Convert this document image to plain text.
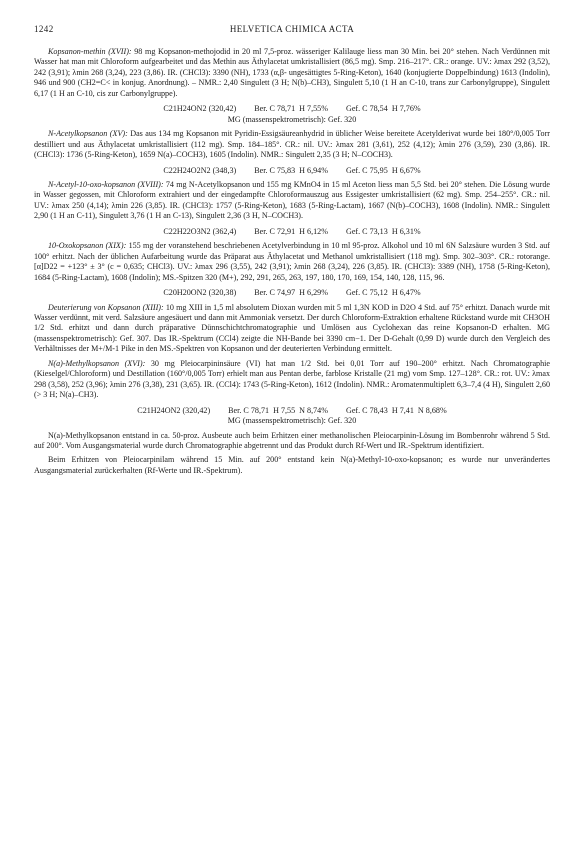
1242	HELVETICA CHIMICA ACTA

Kopsanon-methin (XVII): 98 mg Kopsanon-methojodid in 20 ml 7,5-proz. wässeriger Kalilauge liess man 30 Min. bei 20° stehen. Nach Verdünnen mit Wasser hat man mit Chloroform aufgearbeitet und das Methin aus Äthylacetat umkristallisiert (86,5 mg). Smp. 216–217°. CR.: orange. UV.: λmax 292 (3,52), 242 (3,91); λmin 268 (3,24), 223 (3,86). IR. (CHCl3): 3390 (NH), 1733 (α,β- ungesättigtes 5-Ring-Keton), 1640 (konjugierte Doppelbindung) 1613 (Indolin), 946 und 900 (CH2=C< in konjug. Anordnung). – NMR.: 2,40 Singulett (3 H; N(b)–CH3), Singulett 5,10 (1 H an C-10, trans zur Carbonylgruppe), Singulett 6,17 (1 H an C-10, cis zur Carbonylgruppe).

C21H24ON2 (320,42) Ber. C 78,71  H 7,55% Gef. C 78,54  H 7,76%
MG (massenspektrometrisch): Gef. 320

N-Acetylkopsanon (XV): Das aus 134 mg Kopsanon mit Pyridin-Essigsäureanhydrid in üblicher Weise bereitete Acetylderivat wurde bei 180°/0,005 Torr destilliert und aus Äthylacetat umkristallisiert (112 mg). Smp. 184–185°. CR.: nil. UV.: λmax 281 (3,61), 252 (4,12); λmin 276 (3,59), 230 (3,86). IR. (CHCl3): 1736 (5-Ring-Keton), 1659 N(a)–COCH3), 1605 (Indolin). NMR.: Singulett 2,35 (3 H; N–COCH3).

C22H24O2N2 (348,3) Ber. C 75,83  H 6,94% Gef. C 75,95  H 6,67%

N-Acetyl-10-oxo-kopsanon (XVIII): 74 mg N-Acetylkopsanon und 155 mg KMnO4 in 15 ml Aceton liess man 5,5 Std. bei 20° stehen. Die Lösung wurde in Wasser gegossen, mit Chloroform extrahiert und der eingedampfte Chloroformauszug aus Essigester umkristallisiert (62 mg). Smp. 254–255°. CR.: nil. UV.: λmax 250 (4,14); λmin 226 (3,85). IR. (CHCl3): 1757 (5-Ring-Keton), 1683 (5-Ring-Lactam), 1667 (N(b)–COCH3), 1608 (Indolin). NMR.: Singulett 2,90 (1 H an C-11), Singulett 3,76 (1 H an C-13), Singulett 2,36 (3 H, N–COCH3).

C22H22O3N2 (362,4) Ber. C 72,91  H 6,12% Gef. C 73,13  H 6,31%

10-Oxokopsanon (XIX): 155 mg der voranstehend beschriebenen Acetylverbindung in 10 ml 95-proz. Alkohol und 10 ml 6N Salzsäure wurden 3 Std. auf 100° erhitzt. Nach der üblichen Aufarbeitung wurde das Präparat aus Äthylacetat und Methanol umkristallisiert (118 mg). Smp. 302–303°. CR.: rotorange. [α]D22 = +123° ± 3° (c = 0,635; CHCl3). UV.: λmax 296 (3,55), 242 (3,91); λmin 268 (3,24), 226 (3,85). IR. (CHCl3): 3389 (NH), 1758 (5-Ring-Keton), 1684 (5-Ring-Lactam), 1608 (Indolin); MS.-Spitzen 320 (M+), 292, 291, 265, 263, 197, 180, 170, 169, 154, 140, 128, 115, 96.

C20H20ON2 (320,38) Ber. C 74,97  H 6,29% Gef. C 75,12  H 6,47%

Deuterierung von Kopsanon (XIII): 10 mg XIII in 1,5 ml absolutem Dioxan wurden mit 5 ml 1,3N KOD in D2O 4 Std. auf 75° erhitzt. Danach wurde mit Wasser verdünnt, mit verd. Salzsäure angesäuert und dann mit Ammoniak versetzt. Der durch Chloroform-Extraktion erhaltene Rückstand wurde mit CH3OH 1/2 Std. erhitzt und dann durch präparative Dünnschichtchromatographie und Umlösen aus Cyclohexan das reine Kopsanon-D erhalten. MG (massenspektrometrisch): Gef. 307. Das IR.-Spektrum (CCl4) zeigte die NH-Bande bei 3390 cm−1. Der D-Gehalt (0,99 D) wurde durch den Vergleich des Verhältnisses der M+/M-1 Pike in den MS.-Spektren von Kopsanon und der deuterierten Verbindung ermittelt.

N(a)-Methylkopsanon (XVI): 30 mg Pleiocarpininsäure (VI) hat man 1/2 Std. bei 0,01 Torr auf 190–200° erhitzt. Nach Chromatographie (Kieselgel/Chloroform) und Destillation (160°/0,005 Torr) erhielt man aus Pentan derbe, farblose Kristalle (21 mg) vom Smp. 127–128°. CR.: rot. UV.: λmax 298 (3,58), 252 (3,96); λmin 276 (3,38), 231 (3,65). IR. (CCl4): 1743 (5-Ring-Keton), 1612 (Indolin). NMR.: Aromatenmultiplett 6,3–7,4 (4 H), Singulett 2,60 (> 3 H; N(a)–CH3).

C21H24ON2 (320,42) Ber. C 78,71  H 7,55  N 8,74% Gef. C 78,43  H 7,41  N 8,68%
MG (massenspektrometrisch): Gef. 320

N(a)-Methylkopsanon entstand in ca. 50-proz. Ausbeute auch beim Erhitzen einer methanolischen Pleiocarpinin-Lösung im Bombenrohr während 5 Std. auf 200°. Vom Ausgangsmaterial wurde durch Chromatographie abgetrennt und das Produkt durch Rf-Wert und IR.-Spektrum identifiziert.

Beim Erhitzen von Pleiocarpinilam während 15 Min. auf 200° entstand kein N(a)-Methyl-10-oxo-kopsanon; es wurde nur unverändertes Ausgangsmaterial zurückerhalten (Rf-Werte und IR.-Spektrum).
